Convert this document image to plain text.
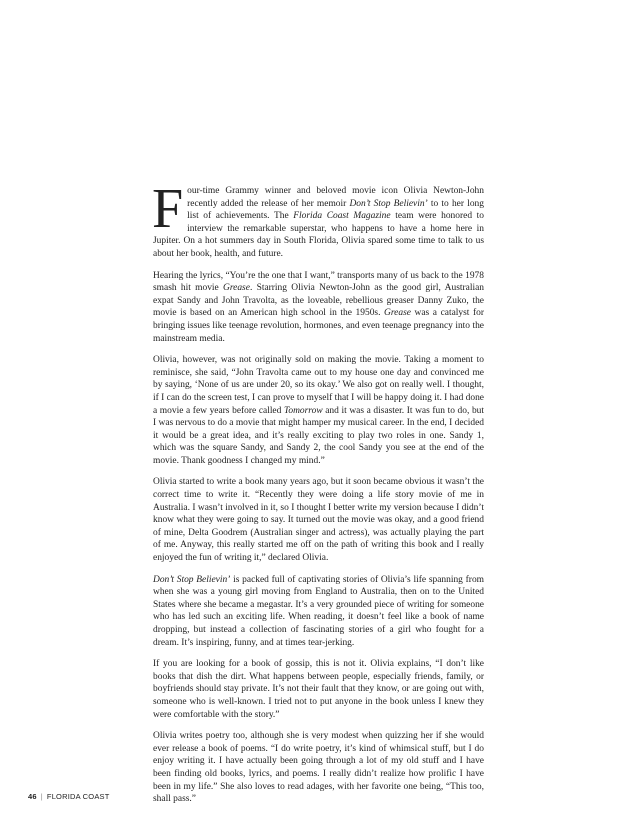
Four-time Grammy winner and beloved movie icon Olivia Newton-John recently added the release of her memoir Don’t Stop Believin’ to to her long list of achievements. The Florida Coast Magazine team were honored to interview the remarkable superstar, who happens to have a home here in Jupiter. On a hot summers day in South Florida, Olivia spared some time to talk to us about her book, health, and future.

Hearing the lyrics, “You’re the one that I want,” transports many of us back to the 1978 smash hit movie Grease. Starring Olivia Newton-John as the good girl, Australian expat Sandy and John Travolta, as the loveable, rebellious greaser Danny Zuko, the movie is based on an American high school in the 1950s. Grease was a catalyst for bringing issues like teenage revolution, hormones, and even teenage pregnancy into the mainstream media.

Olivia, however, was not originally sold on making the movie. Taking a moment to reminisce, she said, “John Travolta came out to my house one day and convinced me by saying, ‘None of us are under 20, so its okay.’ We also got on really well. I thought, if I can do the screen test, I can prove to myself that I will be happy doing it. I had done a movie a few years before called Tomorrow and it was a disaster. It was fun to do, but I was nervous to do a movie that might hamper my musical career. In the end, I decided it would be a great idea, and it’s really exciting to play two roles in one. Sandy 1, which was the square Sandy, and Sandy 2, the cool Sandy you see at the end of the movie. Thank goodness I changed my mind.”

Olivia started to write a book many years ago, but it soon became obvious it wasn’t the correct time to write it. “Recently they were doing a life story movie of me in Australia. I wasn’t involved in it, so I thought I better write my version because I didn’t know what they were going to say. It turned out the movie was okay, and a good friend of mine, Delta Goodrem (Australian singer and actress), was actually playing the part of me. Anyway, this really started me off on the path of writing this book and I really enjoyed the fun of writing it,” declared Olivia.

Don’t Stop Believin’ is packed full of captivating stories of Olivia’s life spanning from when she was a young girl moving from England to Australia, then on to the United States where she became a megastar. It’s a very grounded piece of writing for someone who has led such an exciting life. When reading, it doesn’t feel like a book of name dropping, but instead a collection of fascinating stories of a girl who fought for a dream. It’s inspiring, funny, and at times tear-jerking.

If you are looking for a book of gossip, this is not it. Olivia explains, “I don’t like books that dish the dirt. What happens between people, especially friends, family, or boyfriends should stay private. It’s not their fault that they know, or are going out with, someone who is well-known. I tried not to put anyone in the book unless I knew they were comfortable with the story.”

Olivia writes poetry too, although she is very modest when quizzing her if she would ever release a book of poems. “I do write poetry, it’s kind of whimsical stuff, but I do enjoy writing it. I have actually been going through a lot of my old stuff and I have been finding old books, lyrics, and poems. I really didn’t realize how prolific I have been in my life.” She also loves to read adages, with her favorite one being, “This too, shall pass.”

46 | FLORIDA COAST
